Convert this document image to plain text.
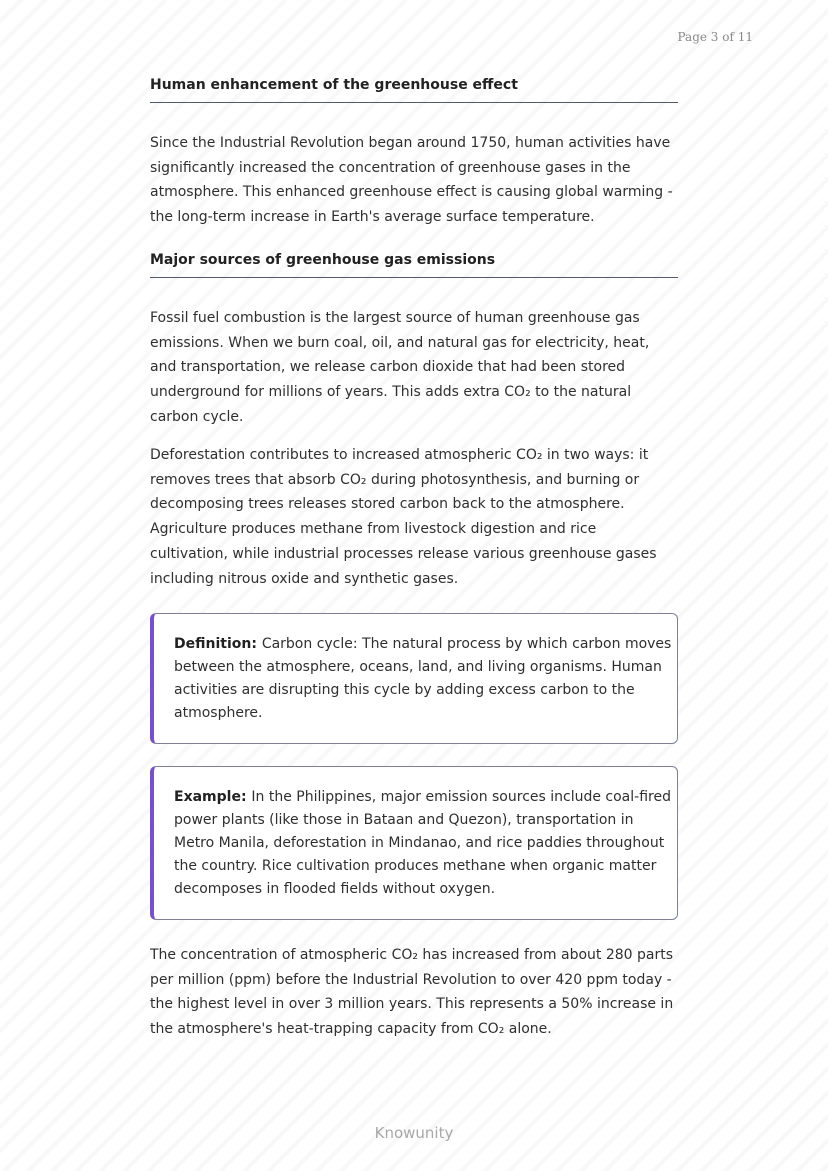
Page 3 of 11
Human enhancement of the greenhouse effect

Since the Industrial Revolution began around 1750, human activities have significantly increased the concentration of greenhouse gases in the atmosphere. This enhanced greenhouse effect is causing global warming - the long-term increase in Earth's average surface temperature.

Major sources of greenhouse gas emissions

Fossil fuel combustion is the largest source of human greenhouse gas emissions. When we burn coal, oil, and natural gas for electricity, heat, and transportation, we release carbon dioxide that had been stored underground for millions of years. This adds extra CO₂ to the natural carbon cycle.

Deforestation contributes to increased atmospheric CO₂ in two ways: it removes trees that absorb CO₂ during photosynthesis, and burning or decomposing trees releases stored carbon back to the atmosphere. Agriculture produces methane from livestock digestion and rice cultivation, while industrial processes release various greenhouse gases including nitrous oxide and synthetic gases.

Definition: Carbon cycle: The natural process by which carbon moves between the atmosphere, oceans, land, and living organisms. Human activities are disrupting this cycle by adding excess carbon to the atmosphere.
Example: In the Philippines, major emission sources include coal-fired power plants (like those in Bataan and Quezon), transportation in Metro Manila, deforestation in Mindanao, and rice paddies throughout the country. Rice cultivation produces methane when organic matter decomposes in flooded fields without oxygen.

The concentration of atmospheric CO₂ has increased from about 280 parts per million (ppm) before the Industrial Revolution to over 420 ppm today - the highest level in over 3 million years. This represents a 50% increase in the atmosphere's heat-trapping capacity from CO₂ alone.

Knowunity
